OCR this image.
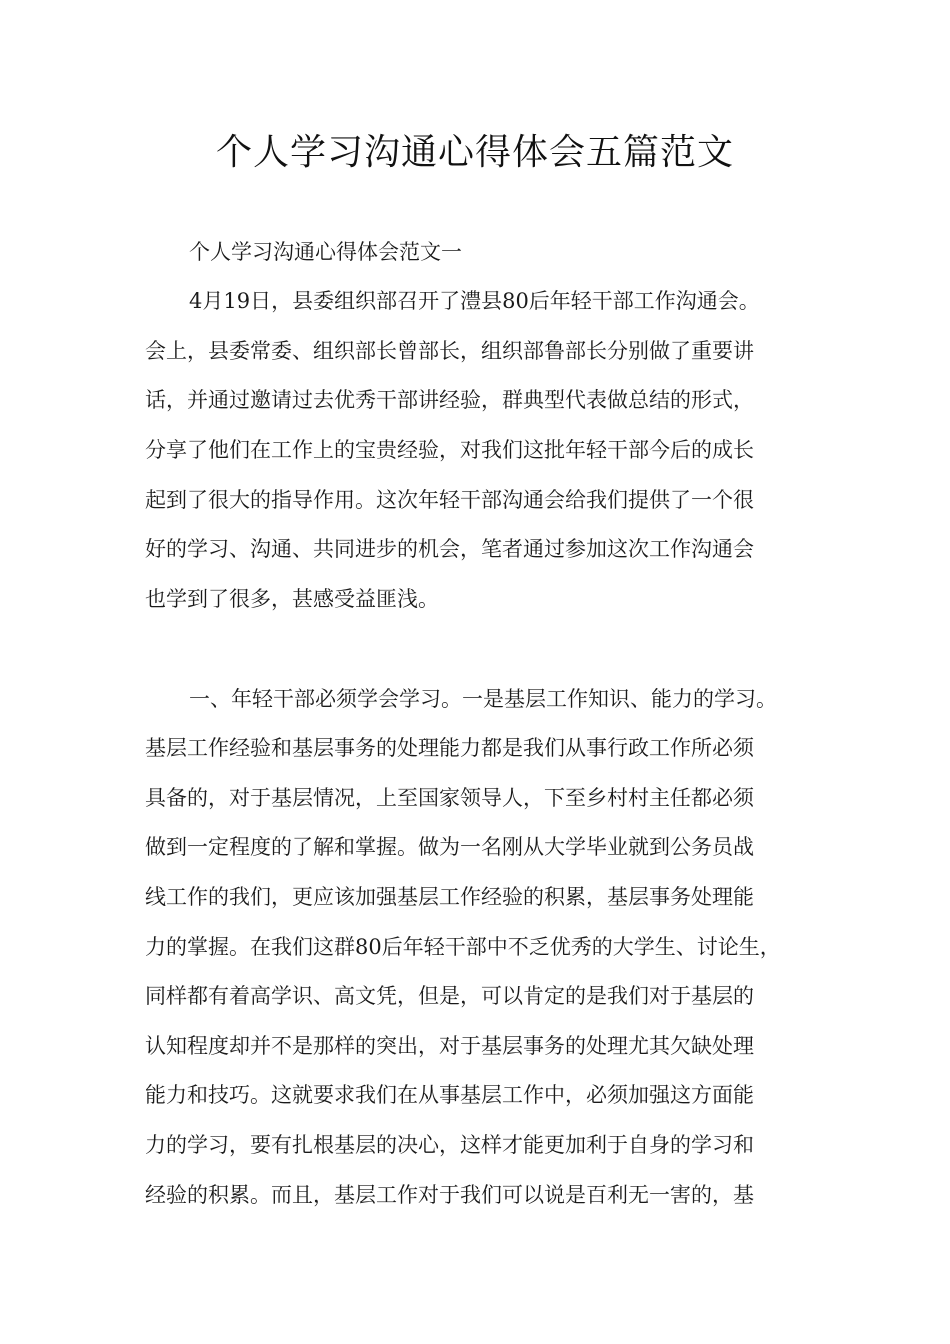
个人学习沟通心得体会五篇范文
个人学习沟通心得体会范文一
4月19日，县委组织部召开了澧县80后年轻干部工作沟通会。
会上，县委常委、组织部长曾部长，组织部鲁部长分别做了重要讲
话，并通过邀请过去优秀干部讲经验，群典型代表做总结的形式，
分享了他们在工作上的宝贵经验，对我们这批年轻干部今后的成长
起到了很大的指导作用。这次年轻干部沟通会给我们提供了一个很
好的学习、沟通、共同进步的机会，笔者通过参加这次工作沟通会
也学到了很多，甚感受益匪浅。
一、年轻干部必须学会学习。一是基层工作知识、能力的学习。
基层工作经验和基层事务的处理能力都是我们从事行政工作所必须
具备的，对于基层情况，上至国家领导人，下至乡村村主任都必须
做到一定程度的了解和掌握。做为一名刚从大学毕业就到公务员战
线工作的我们，更应该加强基层工作经验的积累，基层事务处理能
力的掌握。在我们这群80后年轻干部中不乏优秀的大学生、讨论生，
同样都有着高学识、高文凭，但是，可以肯定的是我们对于基层的
认知程度却并不是那样的突出，对于基层事务的处理尤其欠缺处理
能力和技巧。这就要求我们在从事基层工作中，必须加强这方面能
力的学习，要有扎根基层的决心，这样才能更加利于自身的学习和
经验的积累。而且，基层工作对于我们可以说是百利无一害的，基
